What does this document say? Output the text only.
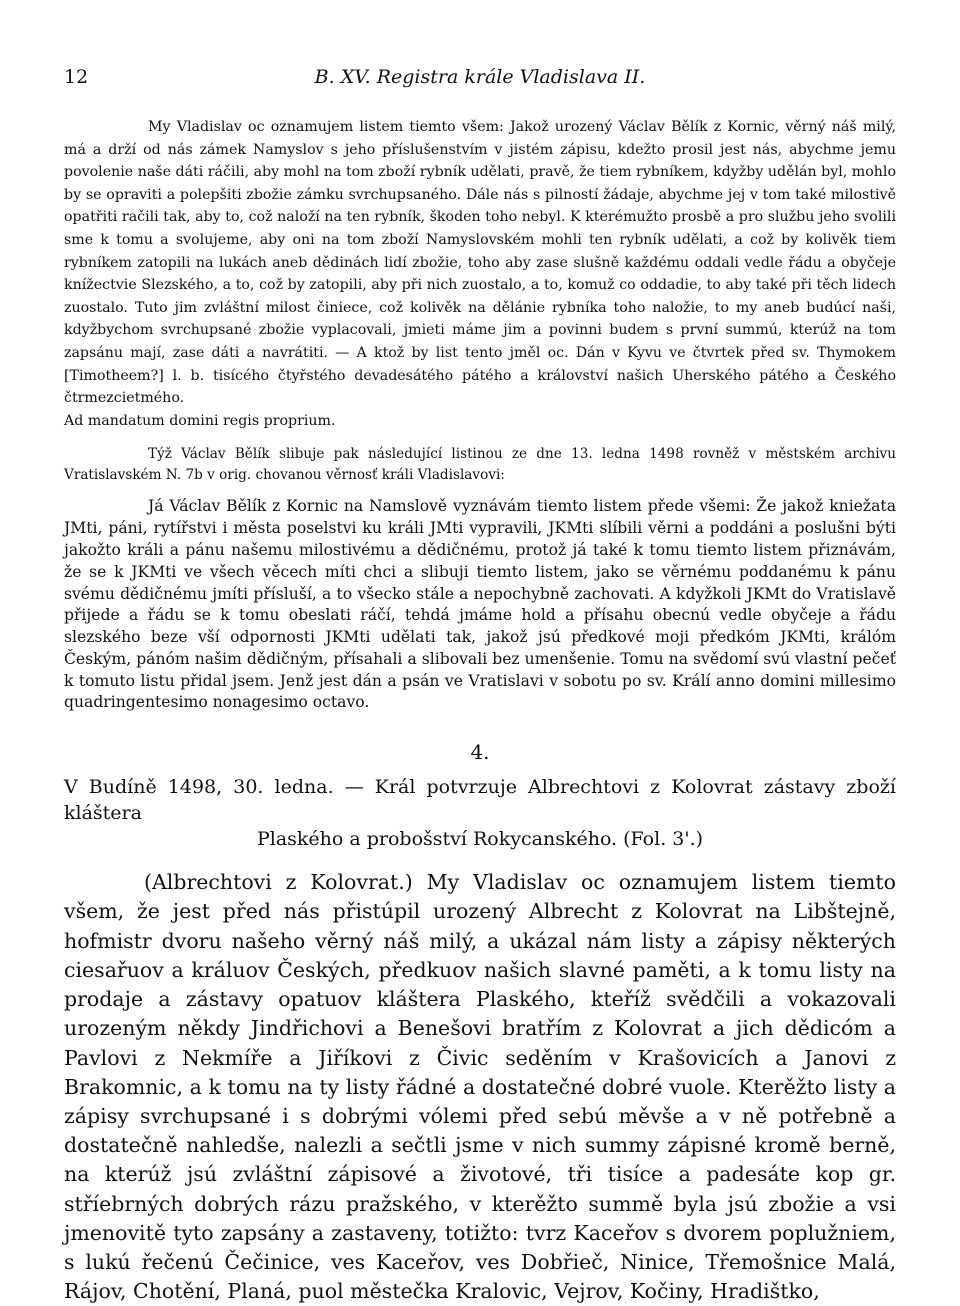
12	B. XV. Registra krále Vladislava II.

My Vladislav oc oznamujem listem tiemto všem: Jakož urozený Václav Bělík z Kornic, věrný náš milý, má a drží od nás zámek Namyslov s jeho příslušenstvím v jistém zápisu, kdežto prosil jest nás, abychme jemu povolenie naše dáti ráčili, aby mohl na tom zboží rybník udělati, pravě, že tiem rybníkem, kdyžby udělán byl, mohlo by se opraviti a polepšiti zbožie zámku svrchupsaného. Dále nás s pilností žádaje, abychme jej v tom také milostivě opatřiti račili tak, aby to, což naloží na ten rybník, škoden toho nebyl. K kterémužto prosbě a pro službu jeho svolili sme k tomu a svolujeme, aby oni na tom zboží Namyslovském mohli ten rybník udělati, a což by kolivěk tiem rybníkem zatopili na lukách aneb dědinách lidí zbožie, toho aby zase slušně každému oddali vedle řádu a obyčeje knížectvie Slezského, a to, což by zatopili, aby při nich zuostalo, a to, komuž co oddadie, to aby také při těch lidech zuostalo. Tuto jim zvláštní milost činiece, což kolivěk na dělánie rybníka toho naložie, to my aneb budúcí naši, kdyžbychom svrchupsané zbožie vyplacovali, jmieti máme jim a povinni budem s první summú, kterúž na tom zapsánu mají, zase dáti a navrátiti. — A ktož by list tento jměl oc. Dán v Kyvu ve čtvrtek před sv. Thymokem [Timotheem?] l. b. tisícého čtyřstého devadesátého pátého a království našich Uherského pátého a Českého čtrmezcietmého.

Ad mandatum domini regis proprium.

Týž Václav Bělík slibuje pak následující listinou ze dne 13. ledna 1498 rovněž v městském archivu Vratislavském N. 7b v orig. chovanou věrnosť králi Vladislavovi:

Já Václav Bělík z Kornic na Namslově vyznávám tiemto listem přede všemi: Že jakož kniežata JMti, páni, rytířstvi i města poselstvi ku králi JMti vypravili, JKMti slíbili věrni a poddáni a poslušni býti jakožto králi a pánu našemu milostivému a dědičnému, protož já také k tomu tiemto listem přiznávám, že se k JKMti ve všech věcech míti chci a slibuji tiemto listem, jako se věrnému poddanému k pánu svému dědičnému jmíti přísluší, a to všecko stále a nepochybně zachovati. A kdyžkoli JKMt do Vratislavě přijede a řádu se k tomu obeslati ráčí, tehdá jmáme hold a přísahu obecnú vedle obyčeje a řádu slezského beze vší odpornosti JKMti udělati tak, jakož jsú předkové moji předkóm JKMti, králóm Českým, pánóm našim dědičným, přísahali a slibovali bez umenšenie. Tomu na svědomí svú vlastní pečeť k tomuto listu přidal jsem. Jenž jest dán a psán ve Vratislavi v sobotu po sv. Králí anno domini millesimo quadringentesimo nonagesimo octavo.

4.
V Budíně 1498, 30. ledna. — Král potvrzuje Albrechtovi z Kolovrat zástavy zboží kláštera
Plaského a probošství Rokycanského. (Fol. 3'.)

(Albrechtovi z Kolovrat.) My Vladislav oc oznamujem listem tiemto všem, že jest před nás přistúpil urozený Albrecht z Kolovrat na Libštejně, hofmistr dvoru našeho věrný náš milý, a ukázal nám listy a zápisy některých ciesařuov a králuov Českých, předkuov našich slavné paměti, a k tomu listy na prodaje a zástavy opatuov kláštera Plaského, kteříž svědčili a vokazovali urozeným někdy Jindřichovi a Benešovi bratřím z Kolovrat a jich dědicóm a Pavlovi z Nekmíře a Jiříkovi z Čivic seděním v Krašovicích a Janovi z Brakomnic, a k tomu na ty listy řádné a dostatečné dobré vuole. Kterěžto listy a zápisy svrchupsané i s dobrými vólemi před sebú měvše a v ně potřebně a dostatečně nahledše, nalezli a sečtli jsme v nich summy zápisné kromě berně, na kterúž jsú zvláštní zápisové a životové, tři tisíce a padesáte kop gr. stříebrných dobrých rázu pražského, v kterěžto summě byla jsú zbožie a vsi jmenovitě tyto zapsány a zastaveny, totižto: tvrz Kaceřov s dvorem poplužniem, s lukú řečenú Čečinice, ves Kaceřov, ves Dobřieč, Ninice, Třemošnice Malá, Rájov, Chotění, Planá, puol městečka Kralovic, Vejrov, Kočiny, Hradištko,
